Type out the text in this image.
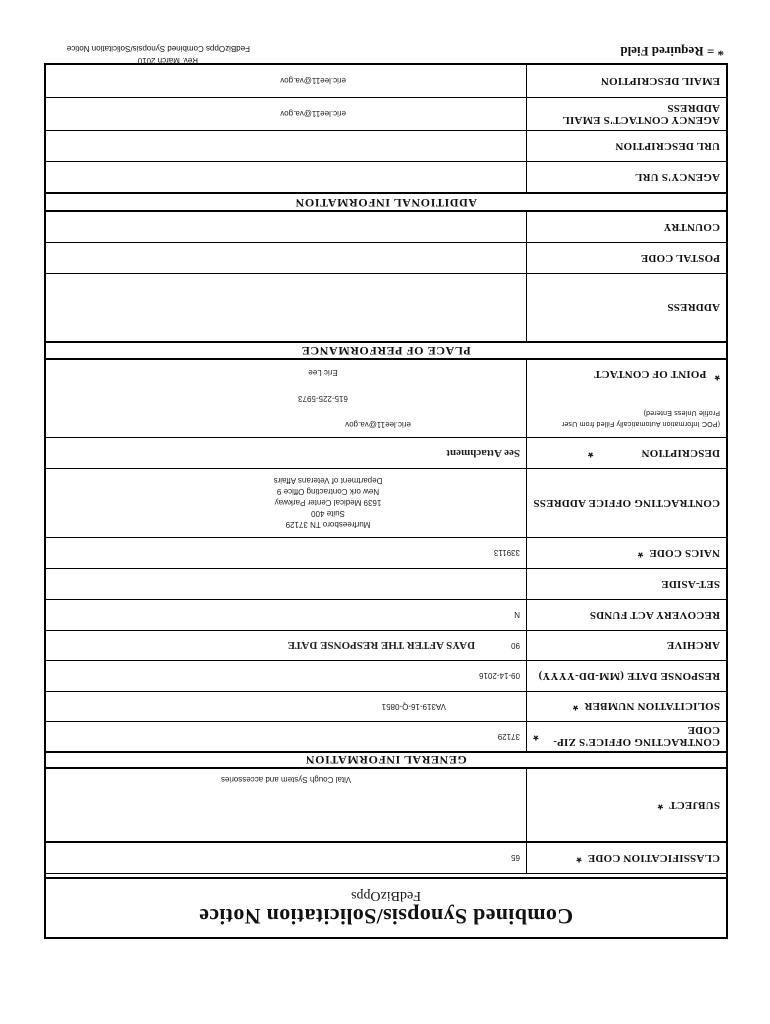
Combined Synopsis/Solicitation Notice
FedBizOpps
CLASSIFICATION CODE
*
65
SUBJECT
*
Vital Cough System and accessories
GENERAL INFORMATION
CONTRACTING OFFICE'S ZIP-CODE
*
37129
SOLICITATION NUMBER
*
VA319-16-Q-0851
RESPONSE DATE (MM-DD-YYYY)
09-14-2016
ARCHIVE
90
DAYS AFTER THE RESPONSE DATE
RECOVERY ACT FUNDS
N
SET-ASIDE
NAICS CODE
*
339113
CONTRACTING OFFICE ADDRESS
Murfreesboro TN 37129
Suite 400
1639 Medical Center Parkway
New ork Contracting Office 9
Department of Veterans Affairs
DESCRIPTION
*
See Attachment
(POC Information Automatically Filled from User Profile Unless Entered)
*POINT OF CONTACT
eric.lee11@va.gov
615-225-5973
Eric Lee
PLACE OF PERFORMANCE
ADDRESS
POSTAL CODE
COUNTRY
ADDITIONAL INFORMATION
AGENCY'S URL
URL DESCRIPTION
AGENCY CONTACT'S EMAIL ADDRESS
eric.lee11@va.gov
EMAIL DESCRIPTION
eric.lee11@va.gov
* = Required Field
Rev. March 2010
FedBizOpps Combined Synopsis/Solicitation Notice
